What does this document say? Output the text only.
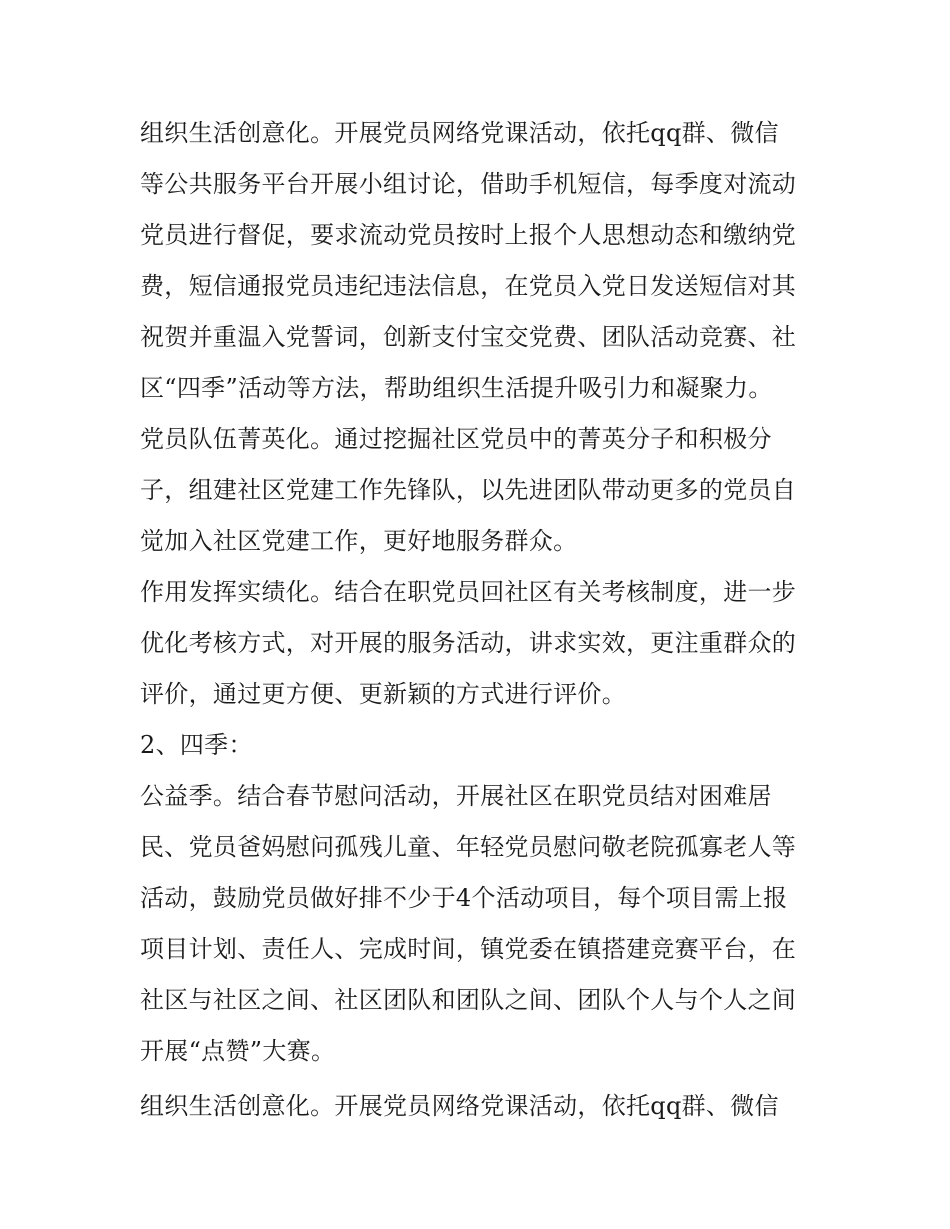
组织生活创意化。开展党员网络党课活动，依托qq群、微信
等公共服务平台开展小组讨论，借助手机短信，每季度对流动
党员进行督促，要求流动党员按时上报个人思想动态和缴纳党
费，短信通报党员违纪违法信息，在党员入党日发送短信对其
祝贺并重温入党誓词，创新支付宝交党费、团队活动竞赛、社
区“四季”活动等方法，帮助组织生活提升吸引力和凝聚力。
党员队伍菁英化。通过挖掘社区党员中的菁英分子和积极分
子，组建社区党建工作先锋队，以先进团队带动更多的党员自
觉加入社区党建工作，更好地服务群众。
作用发挥实绩化。结合在职党员回社区有关考核制度，进一步
优化考核方式，对开展的服务活动，讲求实效，更注重群众的
评价，通过更方便、更新颖的方式进行评价。
2、四季：
公益季。结合春节慰问活动，开展社区在职党员结对困难居
民、党员爸妈慰问孤残儿童、年轻党员慰问敬老院孤寡老人等
活动，鼓励党员做好排不少于4个活动项目，每个项目需上报
项目计划、责任人、完成时间，镇党委在镇搭建竞赛平台，在
社区与社区之间、社区团队和团队之间、团队个人与个人之间
开展“点赞”大赛。
组织生活创意化。开展党员网络党课活动，依托qq群、微信
